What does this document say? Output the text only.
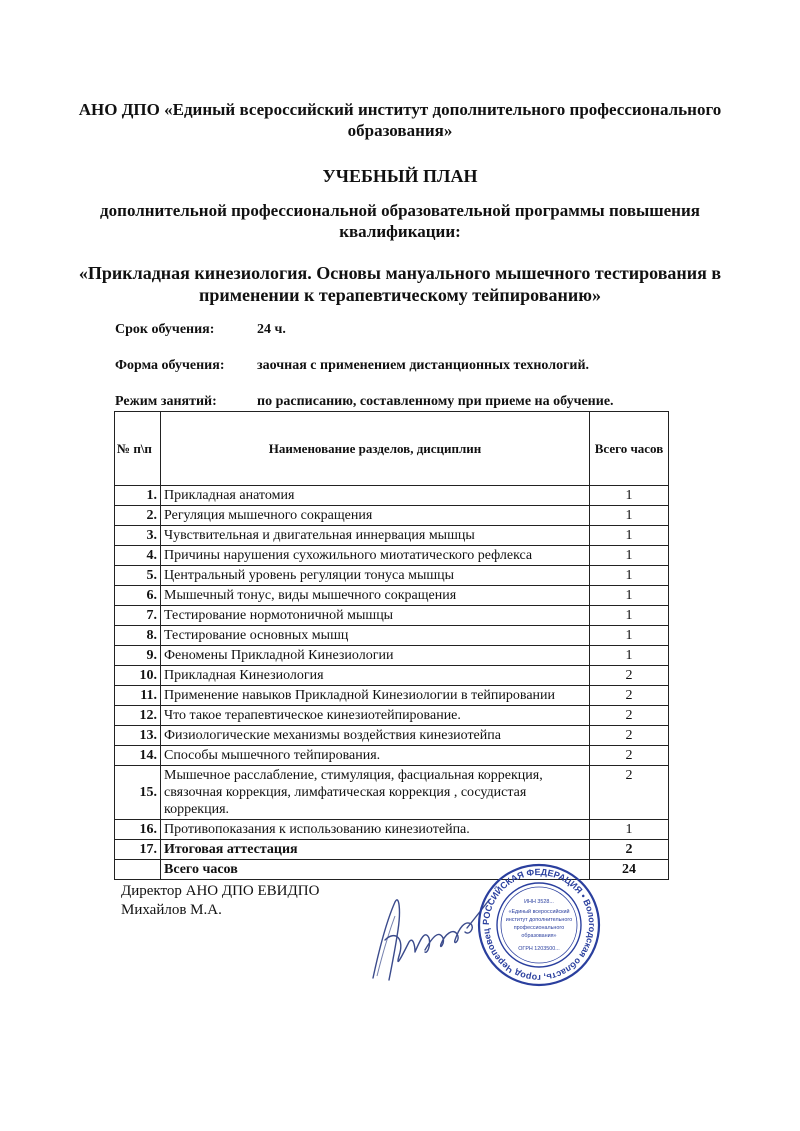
АНО ДПО «Единый всероссийский институт дополнительного профессионального образования»
УЧЕБНЫЙ ПЛАН
дополнительной профессиональной образовательной программы повышения квалификации:
«Прикладная кинезиология. Основы мануального мышечного тестирования в применении к терапевтическому тейпированию»
Срок обучения:	24 ч.
Форма обучения: заочная с применением дистанционных технологий.
Режим занятий:	по расписанию, составленному при приеме на обучение.
№ п\п	Наименование разделов, дисциплин	Всего часов
1.	Прикладная анатомия	1
2.	Регуляция мышечного сокращения	1
3.	Чувствительная и двигательная иннервация мышцы	1
4.	Причины нарушения сухожильного миотатического рефлекса	1
5.	Центральный уровень регуляции тонуса мышцы	1
6.	Мышечный тонус, виды мышечного сокращения	1
7.	Тестирование нормотоничной мышцы	1
8.	Тестирование основных мышц	1
9.	Феномены Прикладной Кинезиологии	1
10.	Прикладная Кинезиология	2
11.	Применение навыков Прикладной Кинезиологии в тейпировании	2
12.	Что такое терапевтическое кинезиотейпирование.	2
13.	Физиологические механизмы воздействия кинезиотейпа	2
14.	Способы мышечного тейпирования.	2
15.	Мышечное расслабление, стимуляция, фасциальная коррекция, связочная коррекция, лимфатическая коррекция , сосудистая коррекция.	2
16.	Противопоказания к использованию кинезиотейпа.	1
17.	Итоговая аттестация	2
	Всего часов	24
Директор АНО ДПО ЕВИДПО
Михайлов М.А.
РОССИЙСКАЯ ФЕДЕРАЦИЯ • Вологодская область, город Череповец
ИНН 3528...
«Единый всероссийский
институт дополнительного
профессионального
образования»
ОГРН 1203500...
